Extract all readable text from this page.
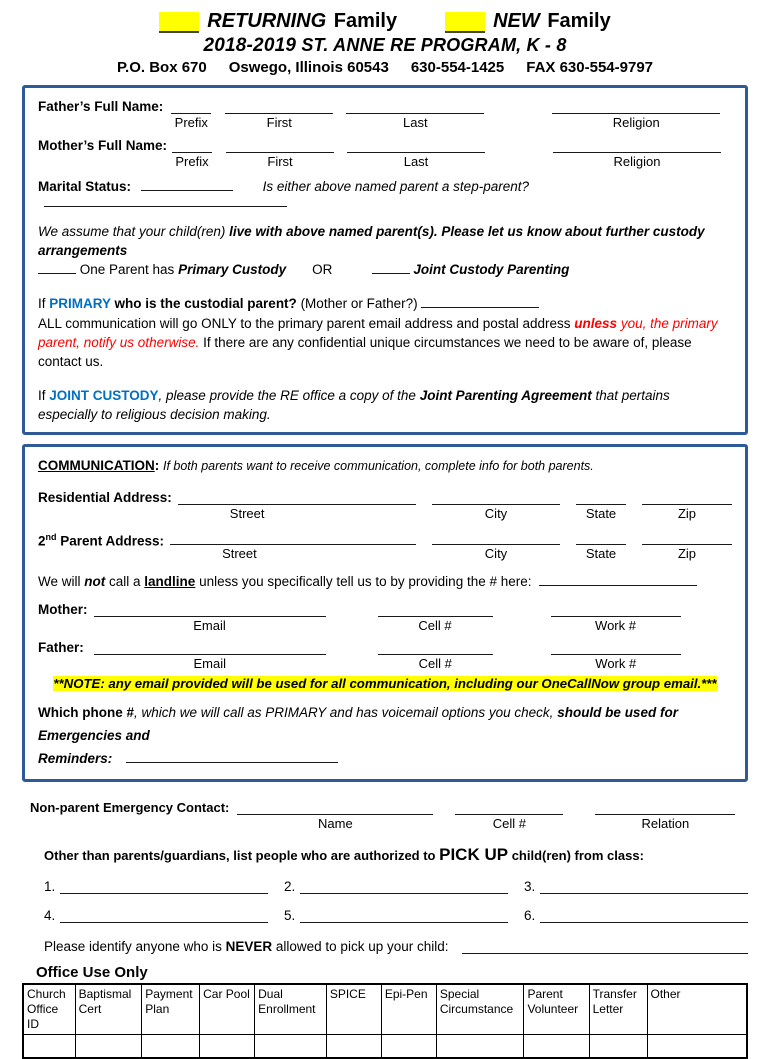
RETURNING Family	NEW Family
2018-2019 ST. ANNE RE PROGRAM, K - 8
P.O. Box 670 Oswego, Illinois 60543 630-554-1425 FAX 630-554-9797
Father’s Full Name:
Prefix	First	Last	Religion
Mother’s Full Name:
Prefix	First	Last	Religion
Marital Status:	Is either above named parent a step-parent?
We assume that your child(ren) live with above named parent(s). Please let us know about further custody arrangements
One Parent has Primary Custody OR	Joint Custody Parenting
If PRIMARY who is the custodial parent? (Mother or Father?)
ALL communication will go ONLY to the primary parent email address and postal address unless you, the primary parent, notify us otherwise. If there are any confidential unique circumstances we need to be aware of, please contact us.
If JOINT CUSTODY, please provide the RE office a copy of the Joint Parenting Agreement that pertains especially to religious decision making.
COMMUNICATION: If both parents want to receive communication, complete info for both parents.
Residential Address:
Street	City	State	Zip
2nd Parent Address:
Street	City	State	Zip
We will not call a landline unless you specifically tell us to by providing the # here:
Mother:
Email	Cell #	Work #
Father:
Email	Cell #	Work #
**NOTE: any email provided will be used for all communication, including our OneCallNow group email.***
Which phone #, which we will call as PRIMARY and has voicemail options you check, should be used for Emergencies and
Reminders:
Non-parent Emergency Contact:
Name	Cell #	Relation
Other than parents/guardians, list people who are authorized to PICK UP child(ren) from class:
1.	2.	3.
4.	5.	6.
Please identify anyone who is NEVER allowed to pick up your child:
Office Use Only
Church Office ID	Baptismal Cert	Payment Plan	Car Pool	Dual Enrollment	SPICE	Epi-Pen	Special Circumstance	Parent Volunteer	Transfer Letter	Other
